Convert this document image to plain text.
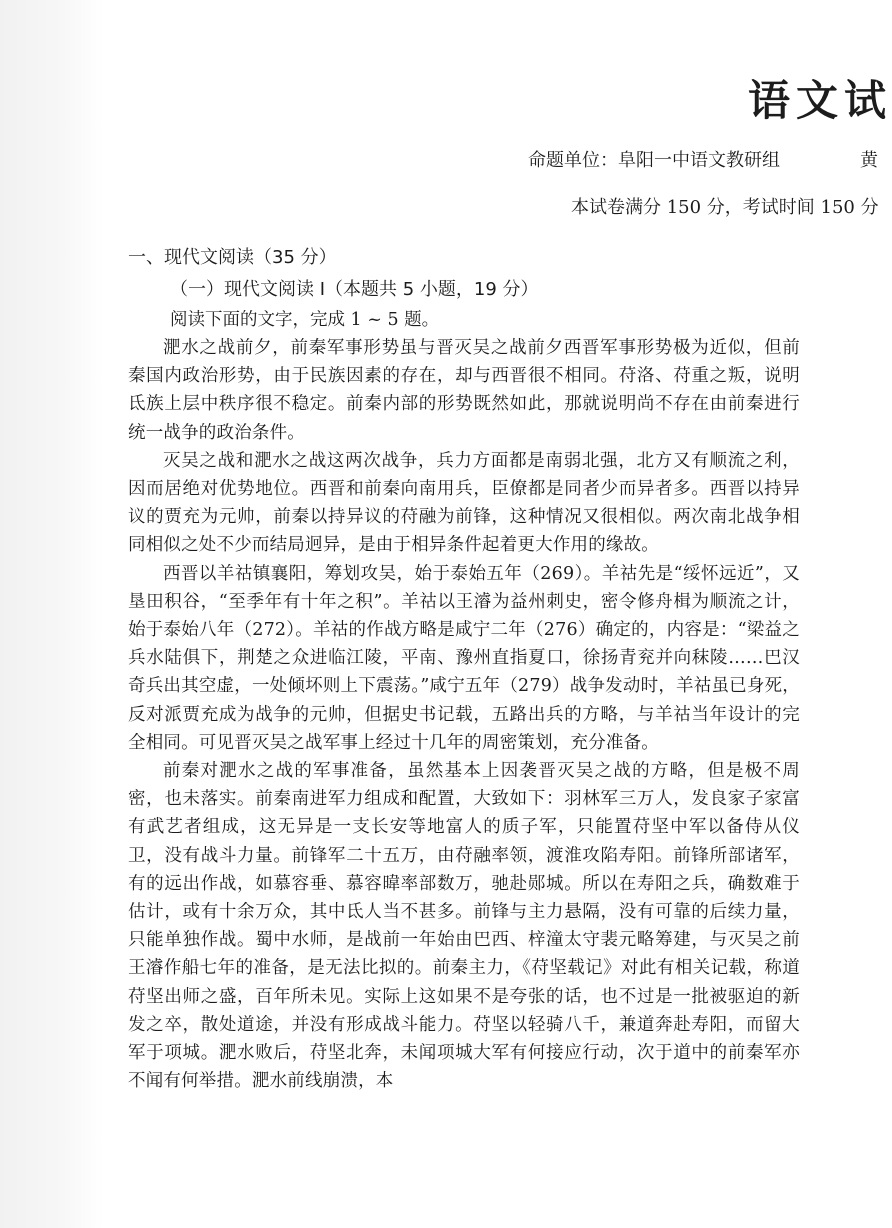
语文试
命题单位：阜阳一中语文教研组	黄
本试卷满分 150 分，考试时间 150 分

一、现代文阅读（35 分）

（一）现代文阅读 Ⅰ（本题共 5 小题，19 分）

阅读下面的文字，完成 1 ~ 5 题。

淝水之战前夕，前秦军事形势虽与晋灭吴之战前夕西晋军事形势极为近似，但前秦国内政治形势，由于民族因素的存在，却与西晋很不相同。苻洛、苻重之叛，说明氐族上层中秩序很不稳定。前秦内部的形势既然如此，那就说明尚不存在由前秦进行统一战争的政治条件。

灭吴之战和淝水之战这两次战争，兵力方面都是南弱北强，北方又有顺流之利，因而居绝对优势地位。西晋和前秦向南用兵，臣僚都是同者少而异者多。西晋以持异议的贾充为元帅，前秦以持异议的苻融为前锋，这种情况又很相似。两次南北战争相同相似之处不少而结局迥异，是由于相异条件起着更大作用的缘故。

西晋以羊祜镇襄阳，筹划攻吴，始于泰始五年（269）。羊祜先是“绥怀远近”，又垦田积谷，“至季年有十年之积”。羊祜以王濬为益州刺史，密令修舟楫为顺流之计，始于泰始八年（272）。羊祜的作战方略是咸宁二年（276）确定的，内容是：“梁益之兵水陆俱下，荆楚之众进临江陵，平南、豫州直指夏口，徐扬青兖并向秣陵……巴汉奇兵出其空虚，一处倾坏则上下震荡。”咸宁五年（279）战争发动时，羊祜虽已身死，反对派贾充成为战争的元帅，但据史书记载，五路出兵的方略，与羊祜当年设计的完全相同。可见晋灭吴之战军事上经过十几年的周密策划，充分准备。

前秦对淝水之战的军事准备，虽然基本上因袭晋灭吴之战的方略，但是极不周密，也未落实。前秦南进军力组成和配置，大致如下：羽林军三万人，发良家子家富有武艺者组成，这无异是一支长安等地富人的质子军，只能置苻坚中军以备侍从仪卫，没有战斗力量。前锋军二十五万，由苻融率领，渡淮攻陷寿阳。前锋所部诸军，有的远出作战，如慕容垂、慕容暐率部数万，驰赴郧城。所以在寿阳之兵，确数难于估计，或有十余万众，其中氐人当不甚多。前锋与主力悬隔，没有可靠的后续力量，只能单独作战。蜀中水师，是战前一年始由巴西、梓潼太守裴元略筹建，与灭吴之前王濬作船七年的准备，是无法比拟的。前秦主力，《苻坚载记》对此有相关记载，称道苻坚出师之盛，百年所未见。实际上这如果不是夸张的话，也不过是一批被驱迫的新发之卒，散处道途，并没有形成战斗能力。苻坚以轻骑八千，兼道奔赴寿阳，而留大军于项城。淝水败后，苻坚北奔，未闻项城大军有何接应行动，次于道中的前秦军亦不闻有何举措。淝水前线崩溃，本
